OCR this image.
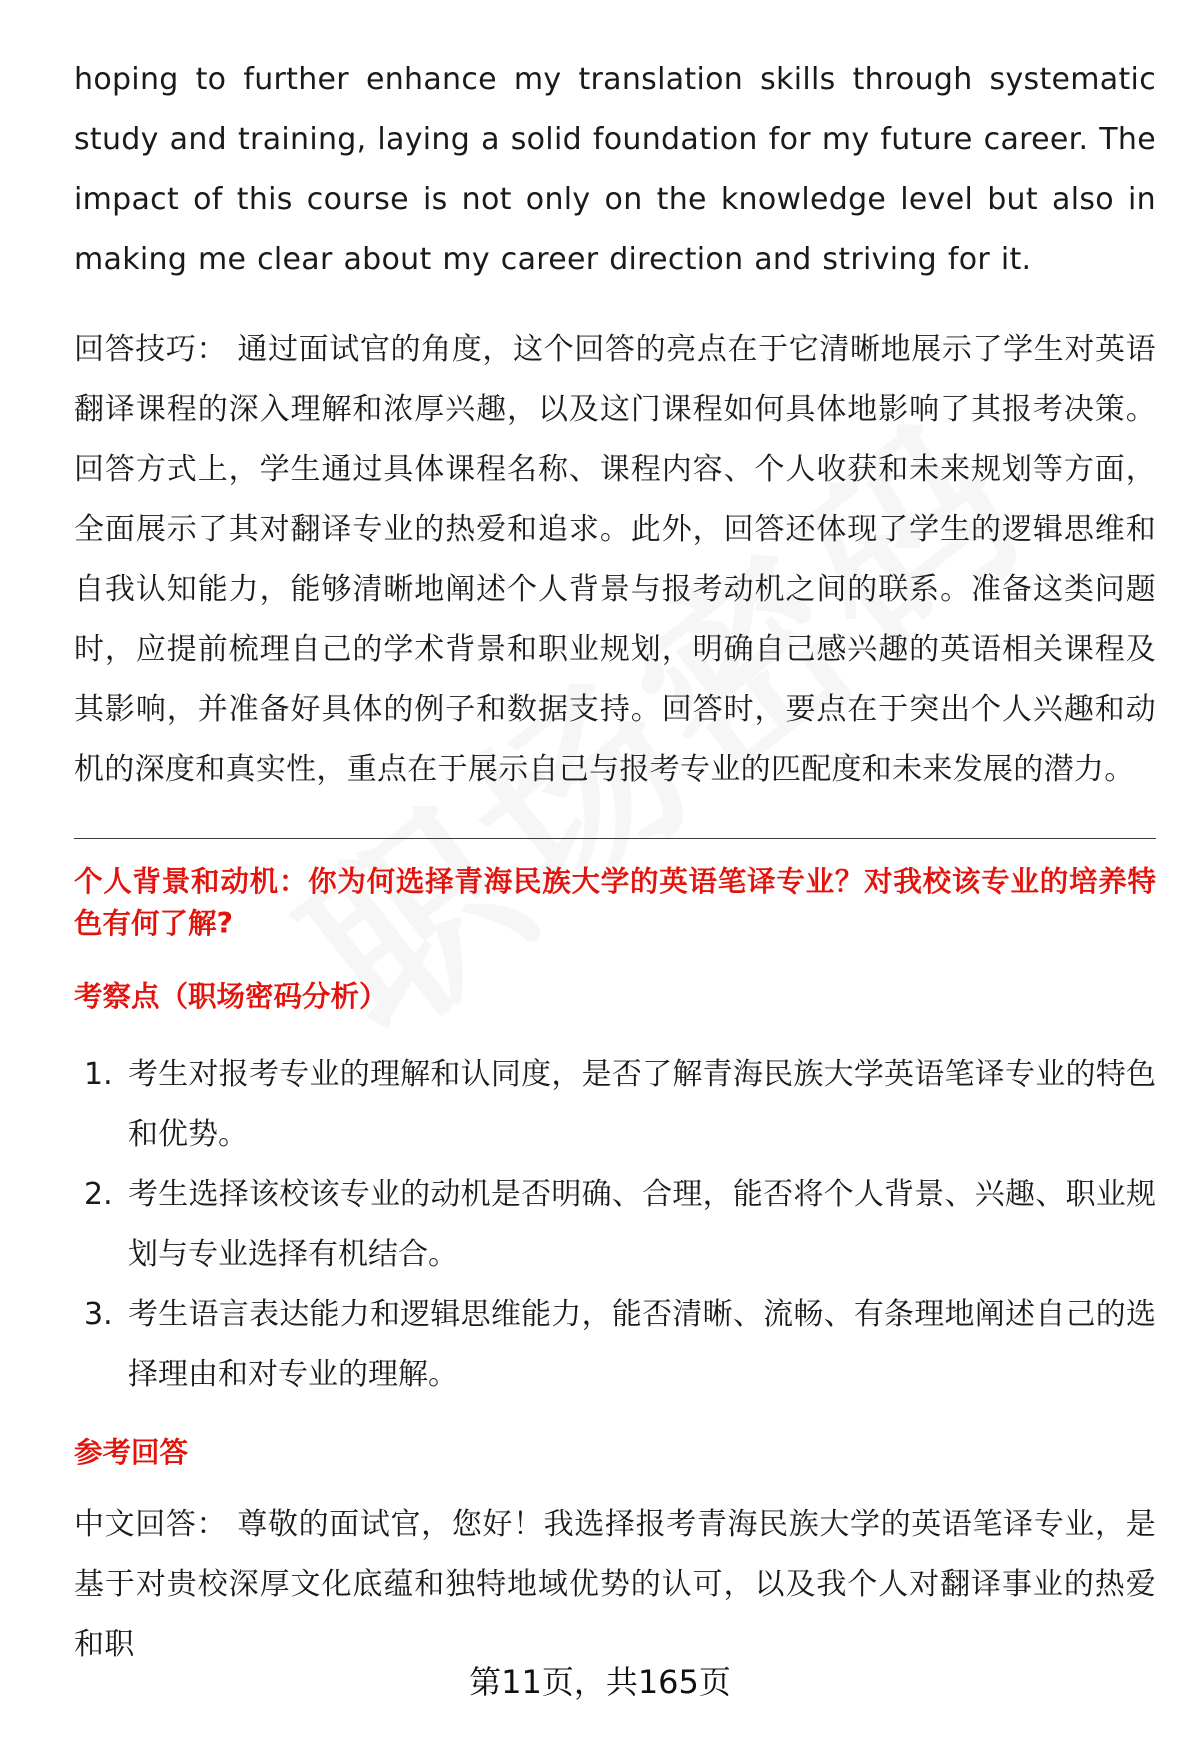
hoping to further enhance my translation skills through systematic study and training, laying a solid foundation for my future career. The impact of this course is not only on the knowledge level but also in making me clear about my career direction and striving for it.

回答技巧： 通过面试官的角度，这个回答的亮点在于它清晰地展示了学生对英语翻译课程的深入理解和浓厚兴趣，以及这门课程如何具体地影响了其报考决策。回答方式上，学生通过具体课程名称、课程内容、个人收获和未来规划等方面，全面展示了其对翻译专业的热爱和追求。此外，回答还体现了学生的逻辑思维和自我认知能力，能够清晰地阐述个人背景与报考动机之间的联系。准备这类问题时，应提前梳理自己的学术背景和职业规划，明确自己感兴趣的英语相关课程及其影响，并准备好具体的例子和数据支持。回答时，要点在于突出个人兴趣和动机的深度和真实性，重点在于展示自己与报考专业的匹配度和未来发展的潜力。

个人背景和动机：你为何选择青海民族大学的英语笔译专业？对我校该专业的培养特色有何了解?

考察点（职场密码分析）

1. 考生对报考专业的理解和认同度，是否了解青海民族大学英语笔译专业的特色和优势。
2. 考生选择该校该专业的动机是否明确、合理，能否将个人背景、兴趣、职业规划与专业选择有机结合。
3. 考生语言表达能力和逻辑思维能力，能否清晰、流畅、有条理地阐述自己的选择理由和对专业的理解。

参考回答

中文回答： 尊敬的面试官，您好！我选择报考青海民族大学的英语笔译专业，是基于对贵校深厚文化底蕴和独特地域优势的认可，以及我个人对翻译事业的热爱和职

第11页，共165页
